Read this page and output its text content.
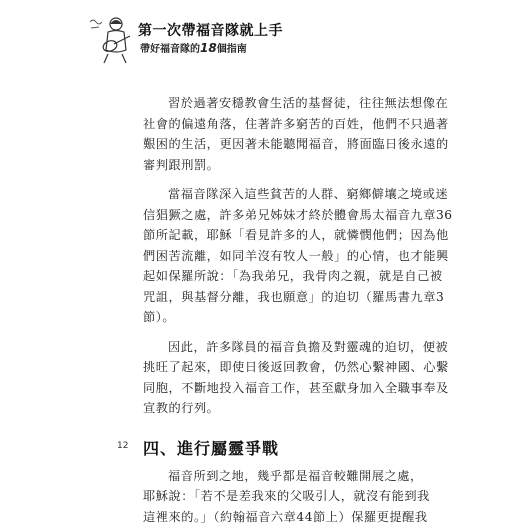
第一次帶福音隊就上手
帶好福音隊的18個指南
習於過著安穩教會生活的基督徒，往往無法想像在
社會的偏遠角落，住著許多窮苦的百姓，他們不只過著
艱困的生活，更因著未能聽聞福音，將面臨日後永遠的
審判跟刑罰。
當福音隊深入這些貧苦的人群、窮鄉僻壤之境或迷
信猖獗之處，許多弟兄姊妹才終於體會馬太福音九章36
節所記載，耶穌「看見許多的人，就憐憫他們；因為他
們困苦流離，如同羊沒有牧人一般」的心情，也才能興
起如保羅所說：「為我弟兄，我骨肉之親，就是自己被
咒詛，與基督分離，我也願意」的迫切（羅馬書九章3
節）。
因此，許多隊員的福音負擔及對靈魂的迫切，便被
挑旺了起來，即使日後返回教會，仍然心繫神國、心繫
同胞，不斷地投入福音工作，甚至獻身加入全職事奉及
宣教的行列。
四、進行屬靈爭戰
福音所到之地，幾乎都是福音較難開展之處，
耶穌說：「若不是差我來的父吸引人，就沒有能到我
這裡來的。」（約翰福音六章44節上）保羅更提醒我
12
